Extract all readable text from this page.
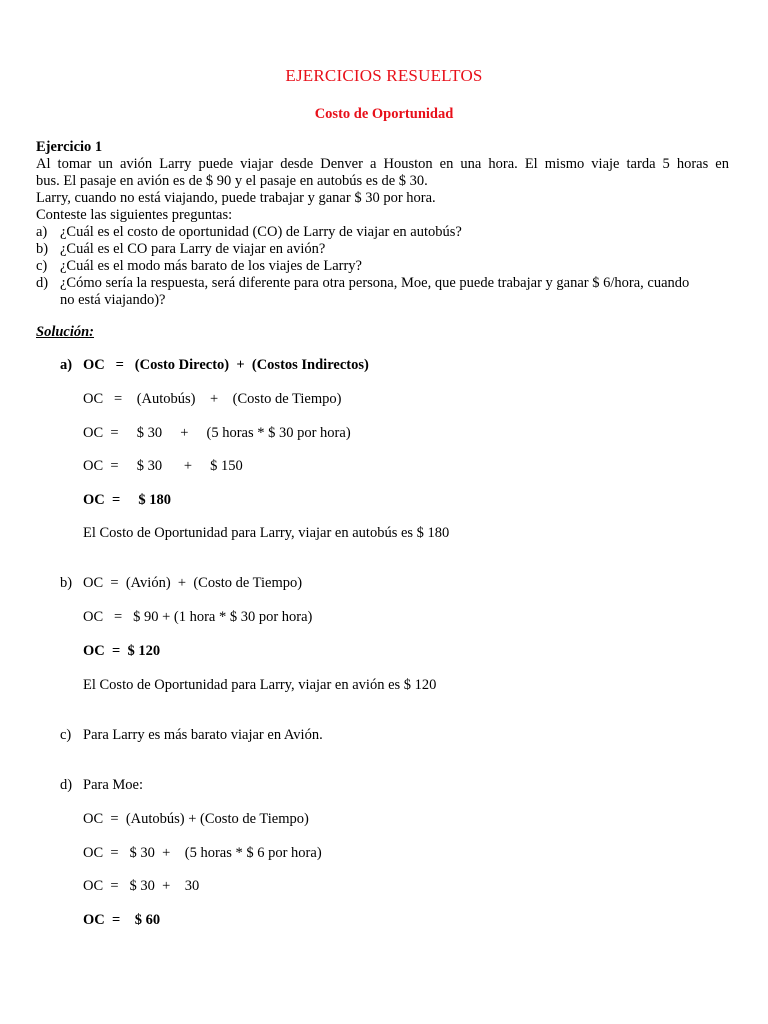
EJERCICIOS RESUELTOS
Costo de Oportunidad
Ejercicio 1
Al tomar un avión Larry puede viajar desde Denver a Houston en una hora. El mismo viaje tarda 5 horas en
bus. El pasaje en avión es de $ 90 y el pasaje en autobús es de $ 30.
Larry, cuando no está viajando, puede trabajar y ganar $ 30 por hora.
Conteste las siguientes preguntas:
a) ¿Cuál es el costo de oportunidad (CO) de Larry de viajar en autobús?
b) ¿Cuál es el CO para Larry de viajar en avión?
c) ¿Cuál es el modo más barato de los viajes de Larry?
d) ¿Cómo sería la respuesta, será diferente para otra persona, Moe, que puede trabajar y ganar $ 6/hora, cuando
no está viajando)?
Solución:
a) OC   =   (Costo Directo)  +  (Costos Indirectos)
OC   =    (Autobús)    +    (Costo de Tiempo)
OC  =     $ 30     +     (5 horas * $ 30 por hora)
OC  =     $ 30      +     $ 150
OC  =     $ 180
El Costo de Oportunidad para Larry, viajar en autobús es $ 180
b) OC  =  (Avión)  +  (Costo de Tiempo)
OC   =   $ 90 + (1 hora * $ 30 por hora)
OC  =  $ 120
El Costo de Oportunidad para Larry, viajar en avión es $ 120
c) Para Larry es más barato viajar en Avión.
d) Para Moe:
OC  =  (Autobús) + (Costo de Tiempo)
OC  =   $ 30  +    (5 horas * $ 6 por hora)
OC  =   $ 30  +    30
OC  =    $ 60
